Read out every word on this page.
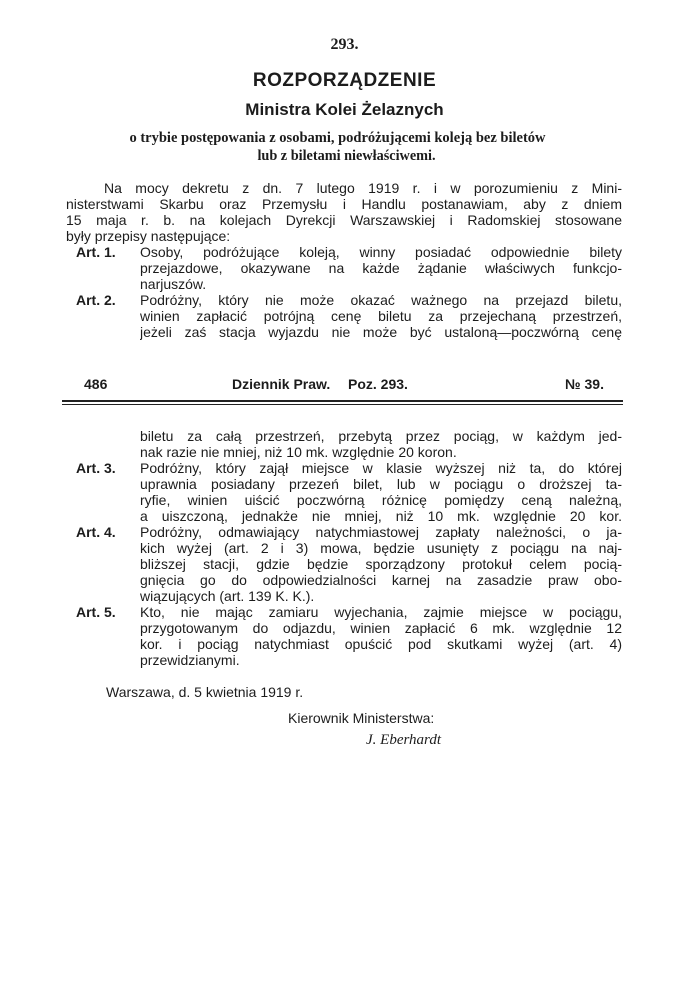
293.
ROZPORZĄDZENIE
Ministra Kolei Żelaznych
o trybie postępowania z osobami, podróżującemi koleją bez biletów
lub z biletami niewłaściwemi.
Na mocy dekretu z dn. 7 lutego 1919 r. i w porozumieniu z Mini-
nisterstwami Skarbu oraz Przemysłu i Handlu postanawiam, aby z dniem
15 maja r. b. na kolejach Dyrekcji Warszawskiej i Radomskiej stosowane
były przepisy następujące:
Art. 1. Osoby, podróżujące koleją, winny posiadać odpowiednie bilety
przejazdowe, okazywane na każde żądanie właściwych funkcjo-
narjuszów.
Art. 2. Podróżny, który nie może okazać ważnego na przejazd biletu,
winien zapłacić potrójną cenę biletu za przejechaną przestrzeń,
jeżeli zaś stacja wyjazdu nie może być ustaloną—poczwórną cenę
486	Dziennik Praw. Poz. 293.	№ 39.
biletu za całą przestrzeń, przebytą przez pociąg, w każdym jed-
nak razie nie mniej, niż 10 mk. względnie 20 koron.
Art. 3. Podróżny, który zajął miejsce w klasie wyższej niż ta, do której
uprawnia posiadany przezeń bilet, lub w pociągu o droższej ta-
ryfie, winien uiścić poczwórną różnicę pomiędzy ceną należną,
a uiszczoną, jednakże nie mniej, niż 10 mk. względnie 20 kor.
Art. 4. Podróżny, odmawiający natychmiastowej zapłaty należności, o ja-
kich wyżej (art. 2 i 3) mowa, będzie usunięty z pociągu na naj-
bliższej stacji, gdzie będzie sporządzony protokuł celem pocią-
gnięcia go do odpowiedzialności karnej na zasadzie praw obo-
wiązujących (art. 139 K. K.).
Art. 5. Kto, nie mając zamiaru wyjechania, zajmie miejsce w pociągu,
przygotowanym do odjazdu, winien zapłacić 6 mk. względnie 12
kor. i pociąg natychmiast opuścić pod skutkami wyżej (art. 4)
przewidzianymi.
Warszawa, d. 5 kwietnia 1919 r.
Kierownik Ministerstwa:
J. Eberhardt
